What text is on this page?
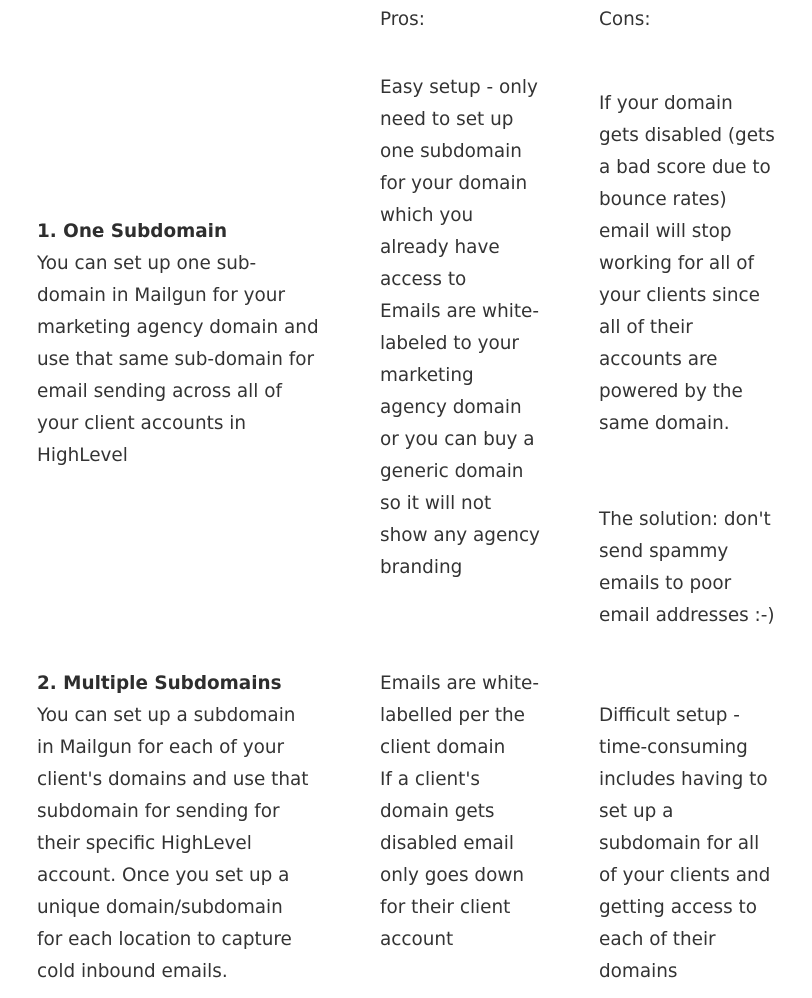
Pros:	Cons:
1. One Subdomain
You can set up one sub-
domain in Mailgun for your
marketing agency domain and
use that same sub-domain for
email sending across all of
your client accounts in
HighLevel
Easy setup - only
need to set up
one subdomain
for your domain
which you
already have
access to
Emails are white-
labeled to your
marketing
agency domain
or you can buy a
generic domain
so it will not
show any agency
branding
If your domain
gets disabled (gets
a bad score due to
bounce rates)
email will stop
working for all of
your clients since
all of their
accounts are
powered by the
same domain.
The solution: don't
send spammy
emails to poor
email addresses :-)
2. Multiple Subdomains
You can set up a subdomain
in Mailgun for each of your
client's domains and use that
subdomain for sending for
their specific HighLevel
account. Once you set up a
unique domain/subdomain
for each location to capture
cold inbound emails.
Emails are white-
labelled per the
client domain
If a client's
domain gets
disabled email
only goes down
for their client
account
Difficult setup -
time-consuming
includes having to
set up a
subdomain for all
of your clients and
getting access to
each of their
domains
